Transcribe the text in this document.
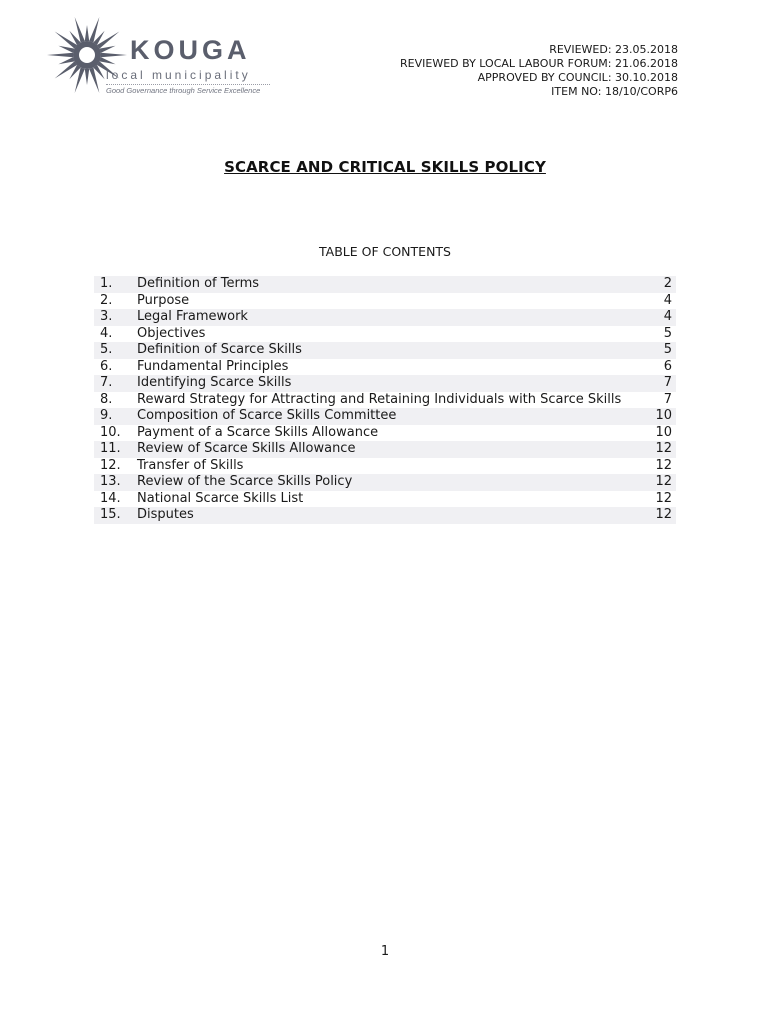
KOUGA
local municipality
Good Governance through Service Excellence
REVIEWED: 23.05.2018
REVIEWED BY LOCAL LABOUR FORUM: 21.06.2018
APPROVED BY COUNCIL: 30.10.2018
ITEM NO: 18/10/CORP6
SCARCE AND CRITICAL SKILLS POLICY
TABLE OF CONTENTS
1. Definition of Terms	2
2. Purpose	4
3. Legal Framework	4
4. Objectives	5
5. Definition of Scarce Skills	5
6. Fundamental Principles	6
7. Identifying Scarce Skills	7
8. Reward Strategy for Attracting and Retaining Individuals with Scarce Skills	7
9. Composition of Scarce Skills Committee	10
10. Payment of a Scarce Skills Allowance	10
11. Review of Scarce Skills Allowance	12
12. Transfer of Skills	12
13. Review of the Scarce Skills Policy	12
14. National Scarce Skills List	12
15. Disputes	12
1
